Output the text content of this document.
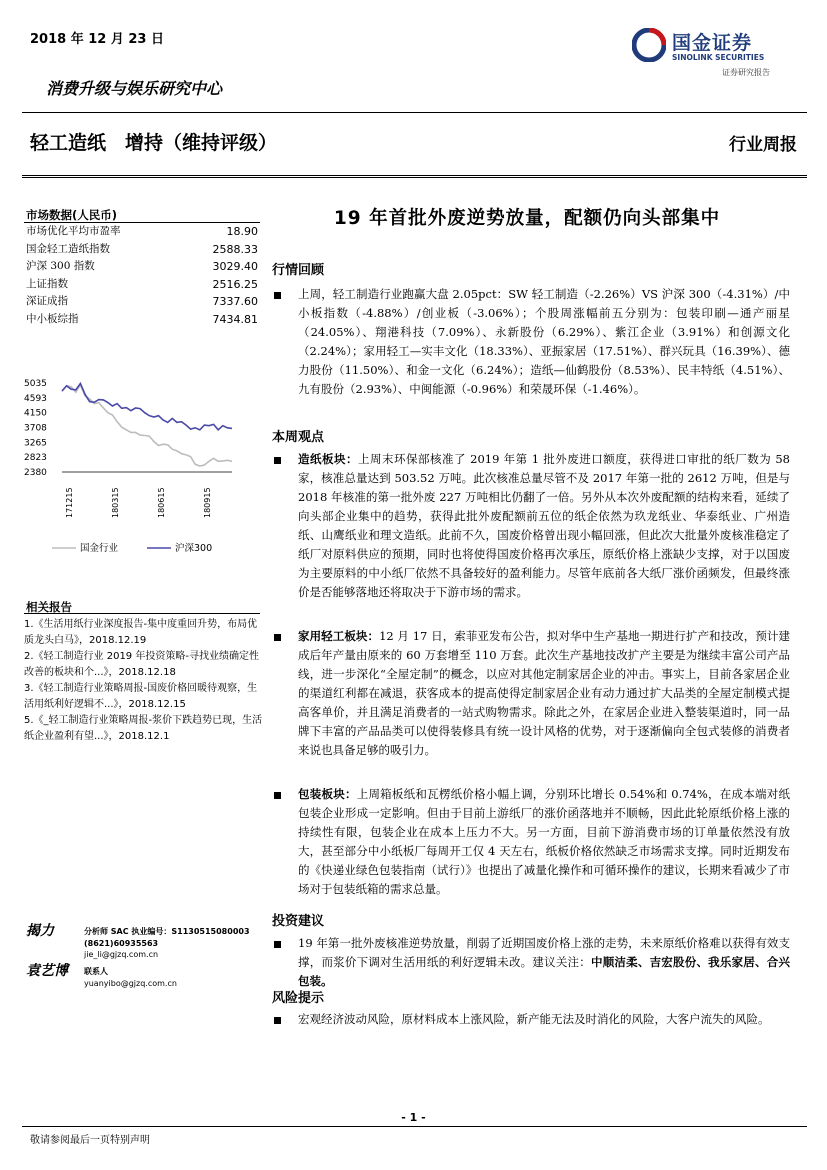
2018 年 12 月 23 日	国金证券
SINOLINK SECURITIES
证券研究报告
消费升级与娱乐研究中心
轻工造纸　增持（维持评级）	行业周报
市场数据(人民币)
市场优化平均市盈率	18.90
国金轻工造纸指数	2588.33
沪深 300 指数	3029.40
上证指数	2516.25
深证成指	7337.60
中小板综指	7434.81
5035
4593
4150
3708
3265
2823
2380
171215	180315	180615	180915
国金行业	沪深300
相关报告
1.《生活用纸行业深度报告-集中度重回升势，布局优质龙头白马》，2018.12.19
2.《轻工制造行业 2019 年投资策略-寻找业绩确定性改善的板块和个...》，2018.12.18
3.《轻工制造行业策略周报-国废价格回暖待观察，生活用纸利好逻辑不...》，2018.12.15
5.《_轻工制造行业策略周报-浆价下跌趋势已现，生活纸企业盈利有望...》，2018.12.1
揭力	分析师 SAC 执业编号：S1130515080003
(8621)60935563
jie_li@gjzq.com.cn
袁艺博 联系人
yuanyibo@gjzq.com.cn
19 年首批外废逆势放量，配额仍向头部集中
行情回顾
上周，轻工制造行业跑赢大盘 2.05pct：SW 轻工制造（-2.26%）VS 沪深 300（-4.31%）/中小板指数（-4.88%）/创业板（-3.06%）；个股周涨幅前五分别为：包装印刷—通产丽星（24.05%）、翔港科技（7.09%）、永新股份（6.29%）、紫江企业（3.91%）和创源文化（2.24%）；家用轻工—实丰文化（18.33%）、亚振家居（17.51%）、群兴玩具（16.39%）、德力股份（11.50%）、和金一文化（6.24%）；造纸—仙鹤股份（8.53%）、民丰特纸（4.51%）、九有股份（2.93%）、中闽能源（-0.96%）和荣晟环保（-1.46%）。
本周观点
造纸板块：上周末环保部核准了 2019 年第 1 批外废进口额度，获得进口审批的纸厂数为 58 家，核准总量达到 503.52 万吨。此次核准总量尽管不及 2017 年第一批的 2612 万吨，但是与 2018 年核准的第一批外废 227 万吨相比仍翻了一倍。另外从本次外废配额的结构来看，延续了向头部企业集中的趋势，获得此批外废配额前五位的纸企依然为玖龙纸业、华泰纸业、广州造纸、山鹰纸业和理文造纸。此前不久，国废价格曾出现小幅回涨，但此次大批量外废核准稳定了纸厂对原料供应的预期，同时也将使得国废价格再次承压，原纸价格上涨缺少支撑，对于以国废为主要原料的中小纸厂依然不具备较好的盈利能力。尽管年底前各大纸厂涨价函频发，但最终涨价是否能够落地还将取决于下游市场的需求。
家用轻工板块：12 月 17 日，索菲亚发布公告，拟对华中生产基地一期进行扩产和技改，预计建成后年产量由原来的 60 万套增至 110 万套。此次生产基地技改扩产主要是为继续丰富公司产品线，进一步深化“全屋定制”的概念，以应对其他定制家居企业的冲击。事实上，目前各家居企业的渠道红利都在减退，获客成本的提高使得定制家居企业有动力通过扩大品类的全屋定制模式提高客单价，并且满足消费者的一站式购物需求。除此之外，在家居企业进入整装渠道时，同一品牌下丰富的产品品类可以使得装修具有统一设计风格的优势，对于逐渐偏向全包式装修的消费者来说也具备足够的吸引力。
包装板块：上周箱板纸和瓦楞纸价格小幅上调，分别环比增长 0.54%和 0.74%，在成本端对纸包装企业形成一定影响。但由于目前上游纸厂的涨价函落地并不顺畅，因此此轮原纸价格上涨的持续性有限，包装企业在成本上压力不大。另一方面，目前下游消费市场的订单量依然没有放大，甚至部分中小纸板厂每周开工仅 4 天左右，纸板价格依然缺乏市场需求支撑。同时近期发布的《快递业绿色包装指南（试行）》也提出了减量化操作和可循环操作的建议，长期来看减少了市场对于包装纸箱的需求总量。
投资建议
19 年第一批外废核准逆势放量，削弱了近期国废价格上涨的走势，未来原纸价格难以获得有效支撑，而浆价下调对生活用纸的利好逻辑未改。建议关注：中顺洁柔、吉宏股份、我乐家居、合兴包装。
风险提示
宏观经济波动风险，原材料成本上涨风险，新产能无法及时消化的风险，大客户流失的风险。
- 1 -
敬请参阅最后一页特别声明
